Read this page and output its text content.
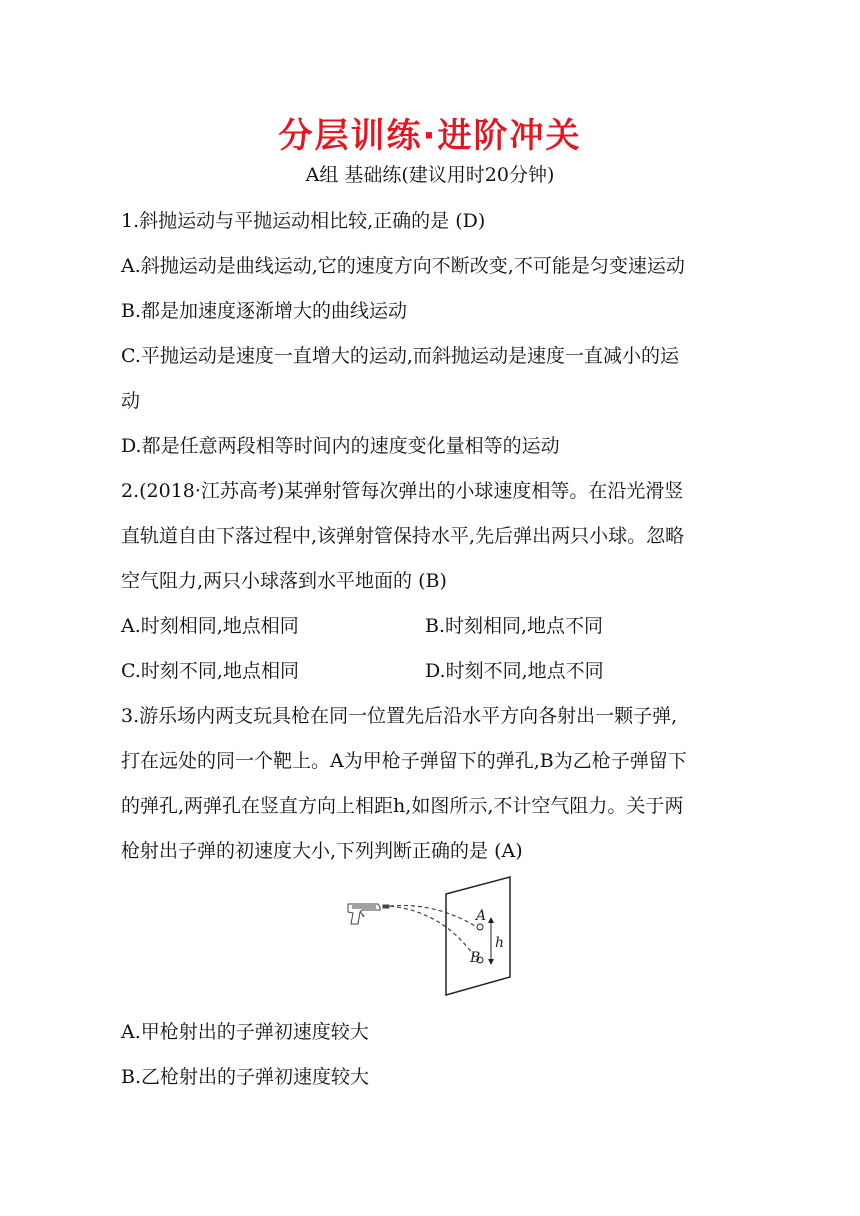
分层训练·进阶冲关
A组 基础练(建议用时20分钟)
1.斜抛运动与平抛运动相比较,正确的是 (D)
A.斜抛运动是曲线运动,它的速度方向不断改变,不可能是匀变速运动
B.都是加速度逐渐增大的曲线运动
C.平抛运动是速度一直增大的运动,而斜抛运动是速度一直减小的运
动
D.都是任意两段相等时间内的速度变化量相等的运动
2.(2018·江苏高考)某弹射管每次弹出的小球速度相等。在沿光滑竖
直轨道自由下落过程中,该弹射管保持水平,先后弹出两只小球。忽略
空气阻力,两只小球落到水平地面的 (B)
A.时刻相同,地点相同	B.时刻相同,地点不同
C.时刻不同,地点相同	D.时刻不同,地点不同
3.游乐场内两支玩具枪在同一位置先后沿水平方向各射出一颗子弹,
打在远处的同一个靶上。A为甲枪子弹留下的弹孔,B为乙枪子弹留下
的弹孔,两弹孔在竖直方向上相距h,如图所示,不计空气阻力。关于两
枪射出子弹的初速度大小,下列判断正确的是 (A)
A
B
h
A.甲枪射出的子弹初速度较大
B.乙枪射出的子弹初速度较大
